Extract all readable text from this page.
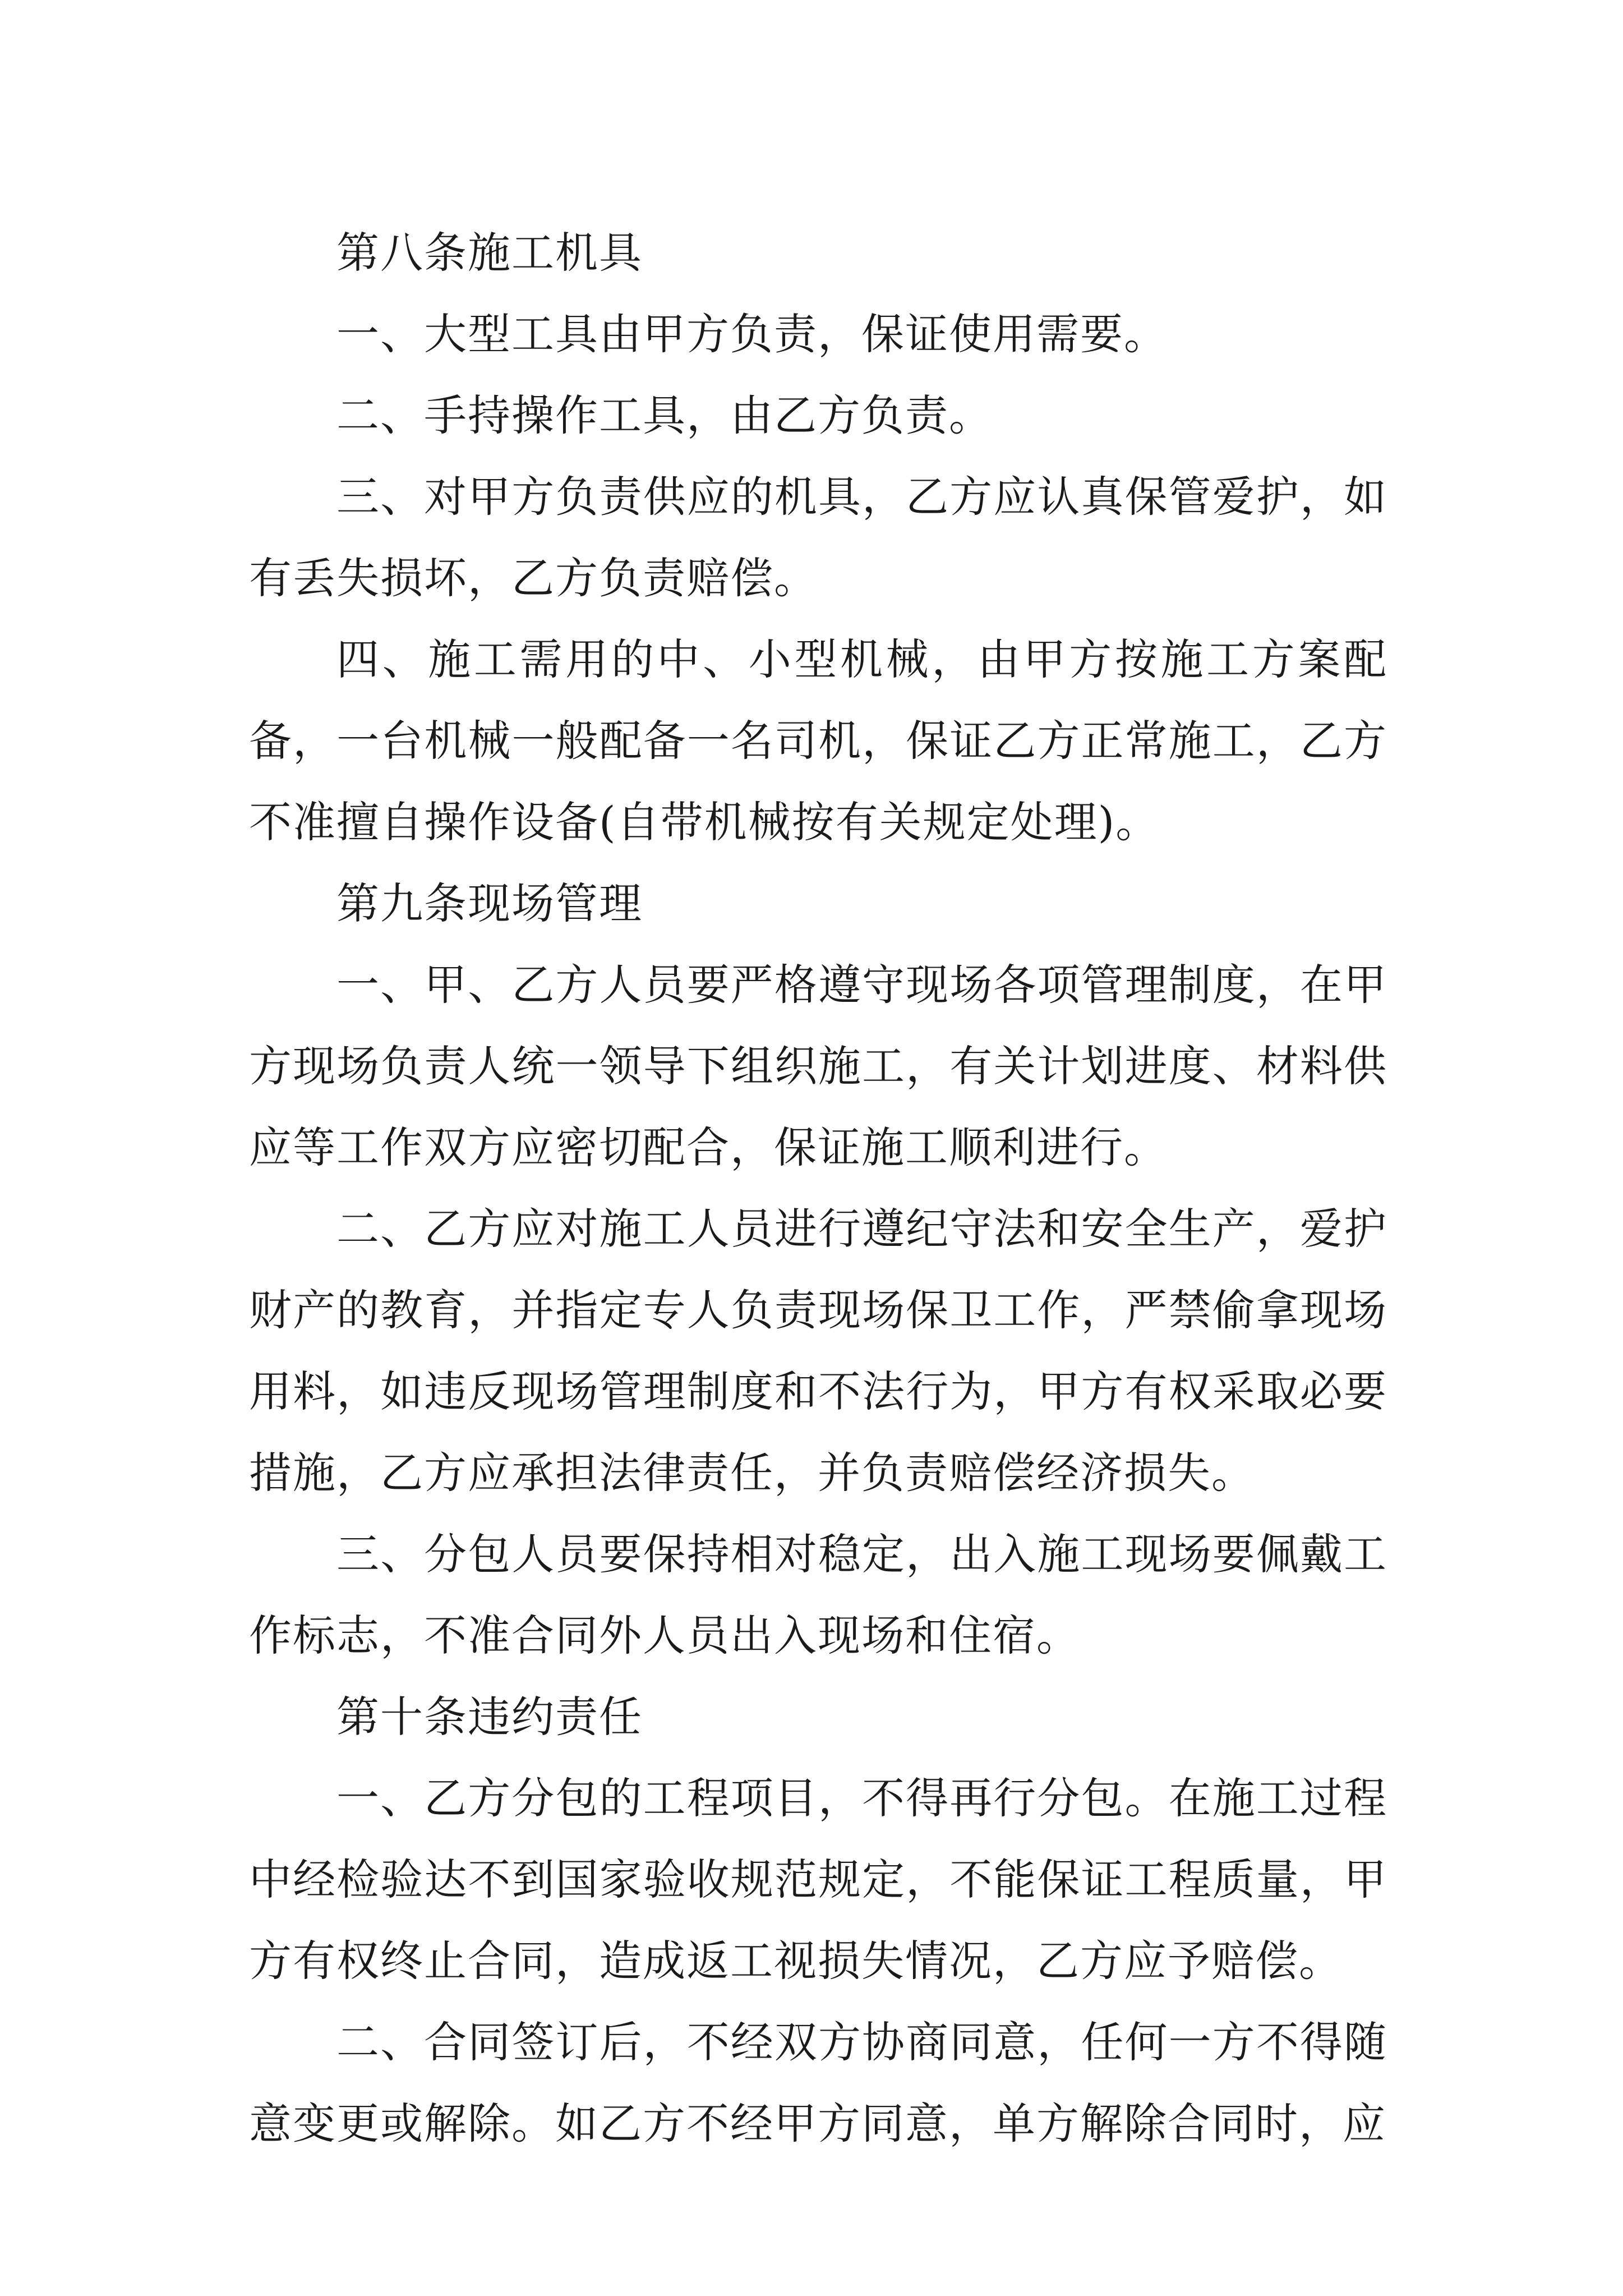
第八条施工机具

一、大型工具由甲方负责，保证使用需要。

二、手持操作工具，由乙方负责。

三、对甲方负责供应的机具，乙方应认真保管爱护，如有丢失损坏，乙方负责赔偿。

四、施工需用的中、小型机械，由甲方按施工方案配备，一台机械一般配备一名司机，保证乙方正常施工，乙方不准擅自操作设备(自带机械按有关规定处理)。

第九条现场管理

一、甲、乙方人员要严格遵守现场各项管理制度，在甲方现场负责人统一领导下组织施工，有关计划进度、材料供应等工作双方应密切配合，保证施工顺利进行。

二、乙方应对施工人员进行遵纪守法和安全生产，爱护财产的教育，并指定专人负责现场保卫工作，严禁偷拿现场用料，如违反现场管理制度和不法行为，甲方有权采取必要措施，乙方应承担法律责任，并负责赔偿经济损失。

三、分包人员要保持相对稳定，出入施工现场要佩戴工作标志，不准合同外人员出入现场和住宿。

第十条违约责任

一、乙方分包的工程项目，不得再行分包。在施工过程中经检验达不到国家验收规范规定，不能保证工程质量，甲方有权终止合同，造成返工视损失情况，乙方应予赔偿。

二、合同签订后，不经双方协商同意，任何一方不得随意变更或解除。如乙方不经甲方同意，单方解除合同时，应
